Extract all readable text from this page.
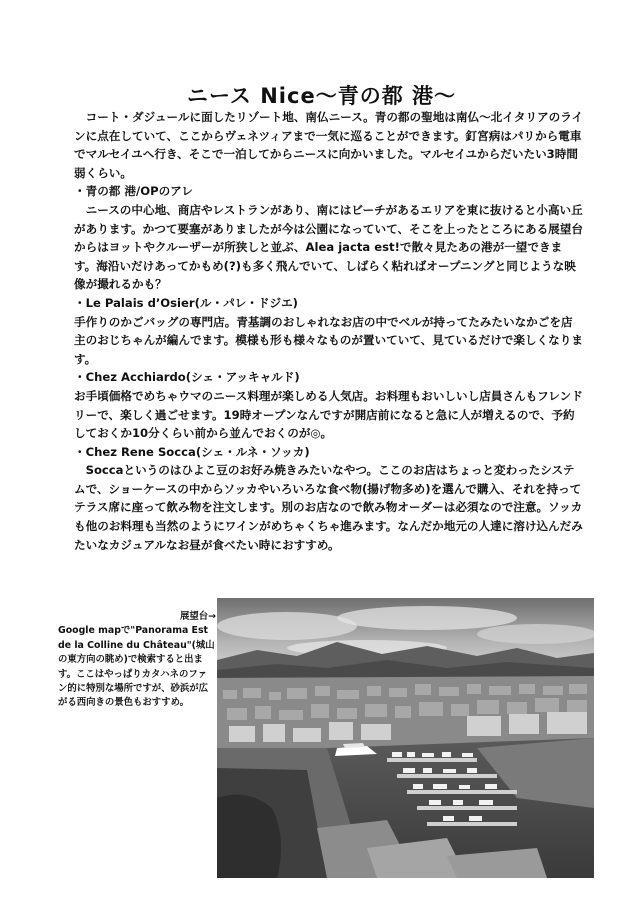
ニース Nice～青の都 港～

コート・ダジュールに面したリゾート地、南仏ニース。青の都の聖地は南仏～北イタリアのラインに点在していて、ここからヴェネツィアまで一気に巡ることができます。釘宮病はパリから電車でマルセイユへ行き、そこで一泊してからニースに向かいました。マルセイユからだいたい3時間弱くらい。

・青の都 港/OPのアレ

ニースの中心地、商店やレストランがあり、南にはビーチがあるエリアを東に抜けると小高い丘があります。かつて要塞がありましたが今は公園になっていて、そこを上ったところにある展望台からはヨットやクルーザーが所狭しと並ぶ、Alea jacta est!で散々見たあの港が一望できます。海沿いだけあってかもめ(?)も多く飛んでいて、しばらく粘ればオープニングと同じような映像が撮れるかも？

・Le Palais d’Osier(ル・パレ・ドジエ)

手作りのかごバッグの専門店。青基調のおしゃれなお店の中でベルが持ってたみたいなかごを店主のおじちゃんが編んでます。模様も形も様々なものが置いていて、見ているだけで楽しくなります。

・Chez Acchiardo(シェ・アッキャルド)

お手頃価格でめちゃウマのニース料理が楽しめる人気店。お料理もおいしいし店員さんもフレンドリーで、楽しく過ごせます。19時オープンなんですが開店前になると急に人が増えるので、予約しておくか10分くらい前から並んでおくのが◎。

・Chez Rene Socca(シェ・ルネ・ソッカ)

Soccaというのはひよこ豆のお好み焼きみたいなやつ。ここのお店はちょっと変わったシステムで、ショーケースの中からソッカやいろいろな食べ物(揚げ物多め)を選んで購入、それを持ってテラス席に座って飲み物を注文します。別のお店なので飲み物オーダーは必須なので注意。ソッカも他のお料理も当然のようにワインがめちゃくちゃ進みます。なんだか地元の人達に溶け込んだみたいなカジュアルなお昼が食べたい時におすすめ。

展望台→
Google mapで"Panorama Est de la Colline du Château"(城山の東方向の眺め)で検索すると出ます。ここはやっぱりカタハネのファン的に特別な場所ですが、砂浜が広がる西向きの景色もおすすめ。
